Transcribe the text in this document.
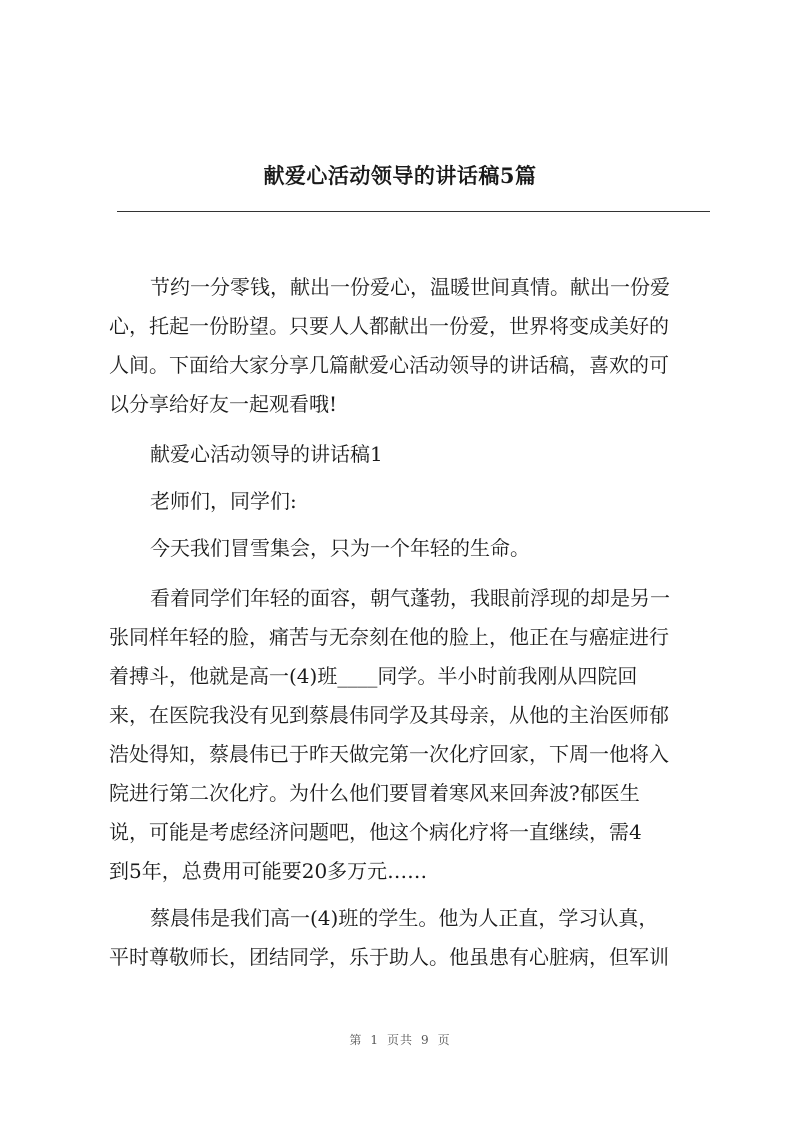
献爱心活动领导的讲话稿5篇
节约一分零钱，献出一份爱心，温暖世间真情。献出一份爱
心，托起一份盼望。只要人人都献出一份爱，世界将变成美好的
人间。下面给大家分享几篇献爱心活动领导的讲话稿，喜欢的可
以分享给好友一起观看哦!
献爱心活动领导的讲话稿1
老师们，同学们:
今天我们冒雪集会，只为一个年轻的生命。
看着同学们年轻的面容，朝气蓬勃，我眼前浮现的却是另一
张同样年轻的脸，痛苦与无奈刻在他的脸上，他正在与癌症进行
着搏斗，他就是高一(4)班____同学。半小时前我刚从四院回
来，在医院我没有见到蔡晨伟同学及其母亲，从他的主治医师郁
浩处得知，蔡晨伟已于昨天做完第一次化疗回家，下周一他将入
院进行第二次化疗。为什么他们要冒着寒风来回奔波?郁医生
说，可能是考虑经济问题吧，他这个病化疗将一直继续，需4
到5年，总费用可能要20多万元……
蔡晨伟是我们高一(4)班的学生。他为人正直，学习认真，
平时尊敬师长，团结同学，乐于助人。他虽患有心脏病，但军训
第 1 页共 9 页
